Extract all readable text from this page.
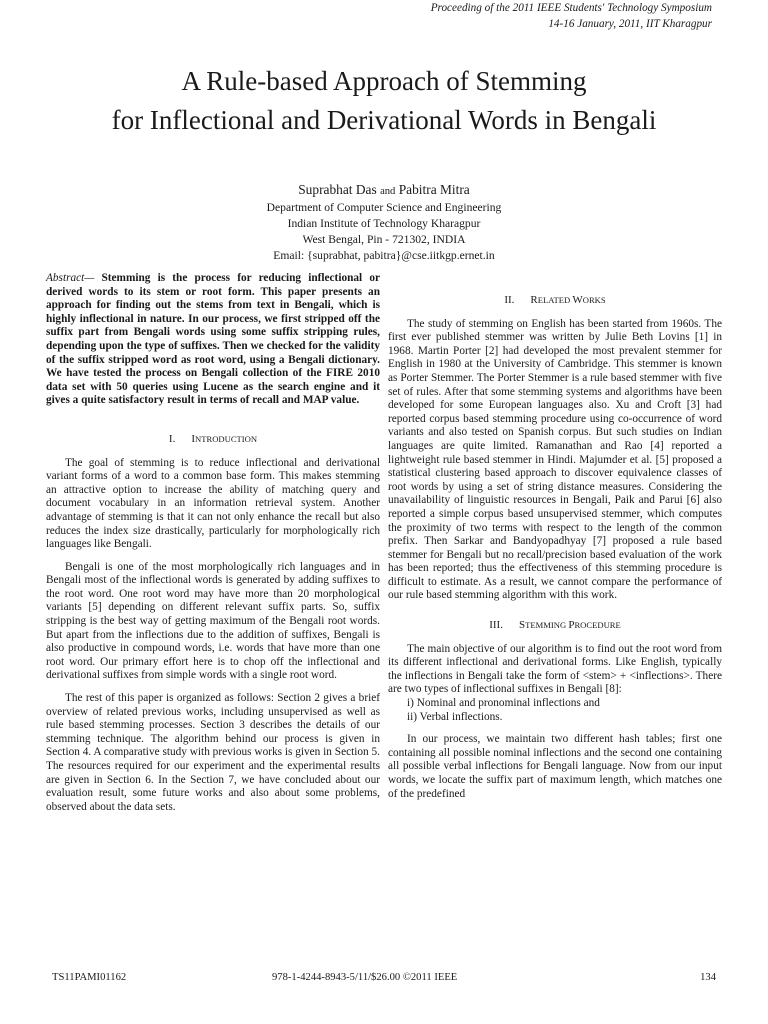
Proceeding of the 2011 IEEE Students' Technology Symposium
14-16 January, 2011, IIT Kharagpur
A Rule-based Approach of Stemming
for Inflectional and Derivational Words in Bengali
Suprabhat Das and Pabitra Mitra
Department of Computer Science and Engineering
Indian Institute of Technology Kharagpur
West Bengal, Pin - 721302, INDIA
Email: {suprabhat, pabitra}@cse.iitkgp.ernet.in

Abstract— Stemming is the process for reducing inflectional or derived words to its stem or root form. This paper presents an approach for finding out the stems from text in Bengali, which is highly inflectional in nature. In our process, we first stripped off the suffix part from Bengali words using some suffix stripping rules, depending upon the type of suffixes. Then we checked for the validity of the suffix stripped word as root word, using a Bengali dictionary. We have tested the process on Bengali collection of the FIRE 2010 data set with 50 queries using Lucene as the search engine and it gives a quite satisfactory result in terms of recall and MAP value.

I. INTRODUCTION

The goal of stemming is to reduce inflectional and derivational variant forms of a word to a common base form. This makes stemming an attractive option to increase the ability of matching query and document vocabulary in an information retrieval system. Another advantage of stemming is that it can not only enhance the recall but also reduces the index size drastically, particularly for morphologically rich languages like Bengali.

Bengali is one of the most morphologically rich languages and in Bengali most of the inflectional words is generated by adding suffixes to the root word. One root word may have more than 20 morphological variants [5] depending on different relevant suffix parts. So, suffix stripping is the best way of getting maximum of the Bengali root words. But apart from the inflections due to the addition of suffixes, Bengali is also productive in compound words, i.e. words that have more than one root word. Our primary effort here is to chop off the inflectional and derivational suffixes from simple words with a single root word.

The rest of this paper is organized as follows: Section 2 gives a brief overview of related previous works, including unsupervised as well as rule based stemming processes. Section 3 describes the details of our stemming technique. The algorithm behind our process is given in Section 4. A comparative study with previous works is given in Section 5. The resources required for our experiment and the experimental results are given in Section 6. In the Section 7, we have concluded about our evaluation result, some future works and also about some problems, observed about the data sets.

II. RELATED WORKS

The study of stemming on English has been started from 1960s. The first ever published stemmer was written by Julie Beth Lovins [1] in 1968. Martin Porter [2] had developed the most prevalent stemmer for English in 1980 at the University of Cambridge. This stemmer is known as Porter Stemmer. The Porter Stemmer is a rule based stemmer with five set of rules. After that some stemming systems and algorithms have been developed for some European languages also. Xu and Croft [3] had reported corpus based stemming procedure using co-occurrence of word variants and also tested on Spanish corpus. But such studies on Indian languages are quite limited. Ramanathan and Rao [4] reported a lightweight rule based stemmer in Hindi. Majumder et al. [5] proposed a statistical clustering based approach to discover equivalence classes of root words by using a set of string distance measures. Considering the unavailability of linguistic resources in Bengali, Paik and Parui [6] also reported a simple corpus based unsupervised stemmer, which computes the proximity of two terms with respect to the length of the common prefix. Then Sarkar and Bandyopadhyay [7] proposed a rule based stemmer for Bengali but no recall/precision based evaluation of the work has been reported; thus the effectiveness of this stemming procedure is difficult to estimate. As a result, we cannot compare the performance of our rule based stemming algorithm with this work.

III. STEMMING PROCEDURE

The main objective of our algorithm is to find out the root word from its different inflectional and derivational forms. Like English, typically the inflections in Bengali take the form of <stem> + <inflections>. There are two types of inflectional suffixes in Bengali [8]:

i) Nominal and pronominal inflections and

ii) Verbal inflections.

In our process, we maintain two different hash tables; first one containing all possible nominal inflections and the second one containing all possible verbal inflections for Bengali language. Now from our input words, we locate the suffix part of maximum length, which matches one of the predefined

TS11PAMI01162	978-1-4244-8943-5/11/$26.00 ©2011 IEEE	134
